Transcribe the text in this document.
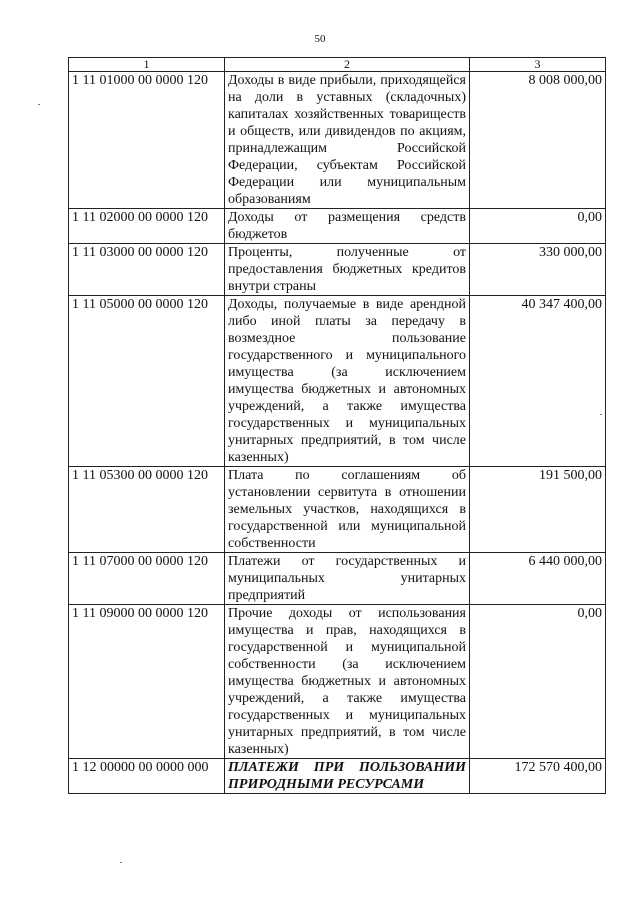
50
1	2	3
1 11 01000 00 0000 120	Доходы в виде прибыли, приходящейся на доли в уставных (складочных) капиталах хозяйственных товариществ и обществ, или дивидендов по акциям, принадлежащим Российской Федерации, субъектам Российской Федерации или муниципальным образованиям	8 008 000,00
1 11 02000 00 0000 120	Доходы от размещения средств бюджетов	0,00
1 11 03000 00 0000 120	Проценты, полученные от предоставления бюджетных кредитов внутри страны	330 000,00
1 11 05000 00 0000 120	Доходы, получаемые в виде арендной либо иной платы за передачу в возмездное пользование государственного и муниципального имущества (за исключением имущества бюджетных и автономных учреждений, а также имущества государственных и муниципальных унитарных предприятий, в том числе казенных)	40 347 400,00
1 11 05300 00 0000 120	Плата по соглашениям об установлении сервитута в отношении земельных участков, находящихся в государственной или муниципальной собственности	191 500,00
1 11 07000 00 0000 120	Платежи от государственных и муниципальных унитарных предприятий	6 440 000,00
1 11 09000 00 0000 120	Прочие доходы от использования имущества и прав, находящихся в государственной и муниципальной собственности (за исключением имущества бюджетных и автономных учреждений, а также имущества государственных и муниципальных унитарных предприятий, в том числе казенных)	0,00
1 12 00000 00 0000 000	ПЛАТЕЖИ ПРИ ПОЛЬЗОВАНИИ ПРИРОДНЫМИ РЕСУРСАМИ	172 570 400,00
